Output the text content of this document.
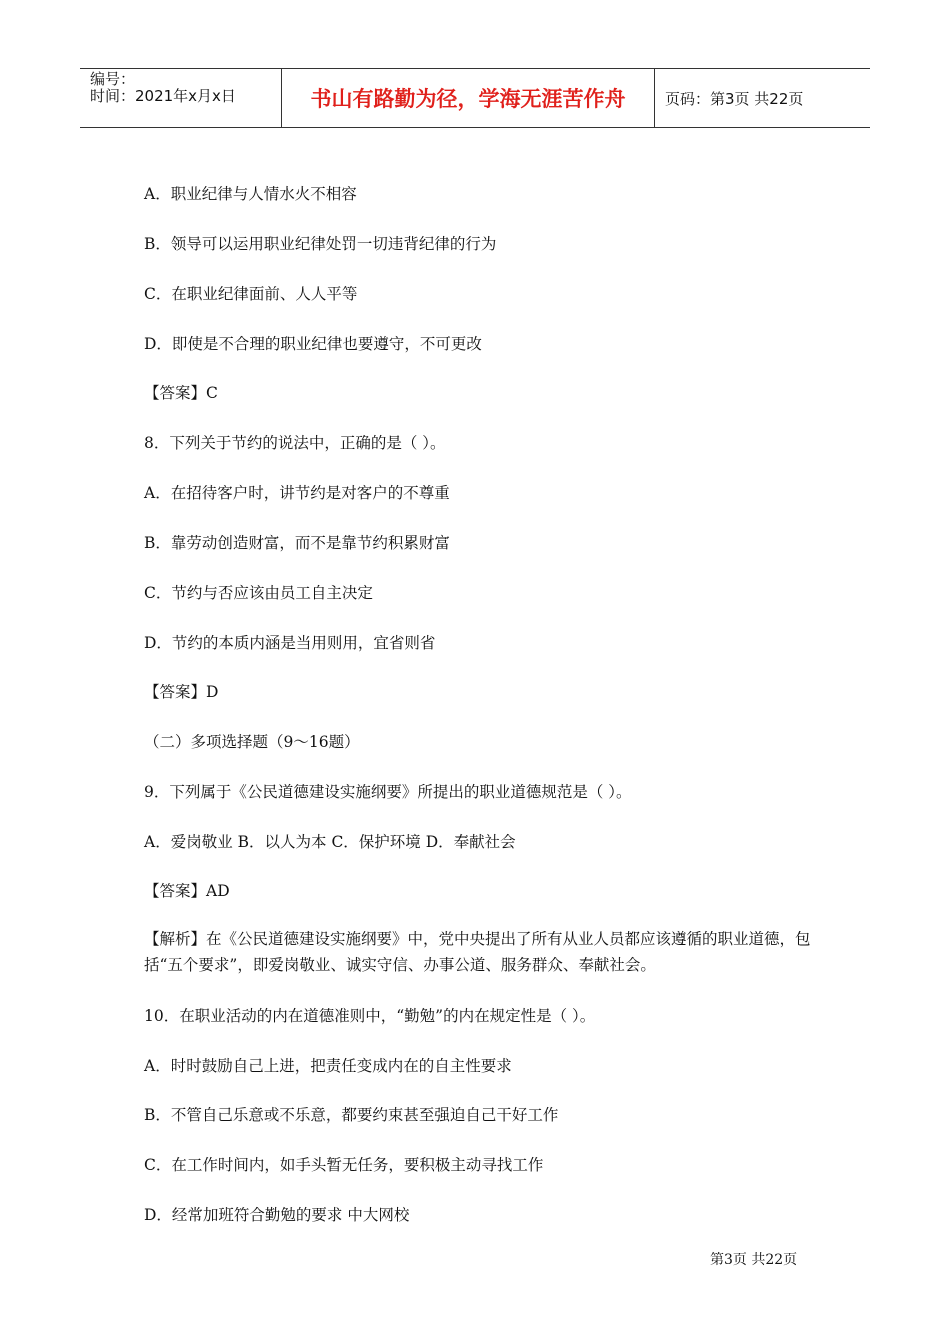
编号：
时间：2021年x月x日	书山有路勤为径，学海无涯苦作舟	页码：第3页 共22页
A．职业纪律与人情水火不相容
B．领导可以运用职业纪律处罚一切违背纪律的行为
C．在职业纪律面前、人人平等
D．即使是不合理的职业纪律也要遵守，不可更改
【答案】C
8．下列关于节约的说法中，正确的是（ ）。
A．在招待客户时，讲节约是对客户的不尊重
B．靠劳动创造财富，而不是靠节约积累财富
C．节约与否应该由员工自主决定
D．节约的本质内涵是当用则用，宜省则省
【答案】D
（二）多项选择题（9～16题）
9．下列属于《公民道德建设实施纲要》所提出的职业道德规范是（ ）。
A．爱岗敬业 B．以人为本 C．保护环境 D．奉献社会
【答案】AD
【解析】在《公民道德建设实施纲要》中，党中央提出了所有从业人员都应该遵循的职业道德，包括“五个要求”，即爱岗敬业、诚实守信、办事公道、服务群众、奉献社会。
10．在职业活动的内在道德准则中，“勤勉”的内在规定性是（ ）。
A．时时鼓励自己上进，把责任变成内在的自主性要求
B．不管自己乐意或不乐意，都要约束甚至强迫自己干好工作
C．在工作时间内，如手头暂无任务，要积极主动寻找工作
D．经常加班符合勤勉的要求 中大网校
第3页 共22页
